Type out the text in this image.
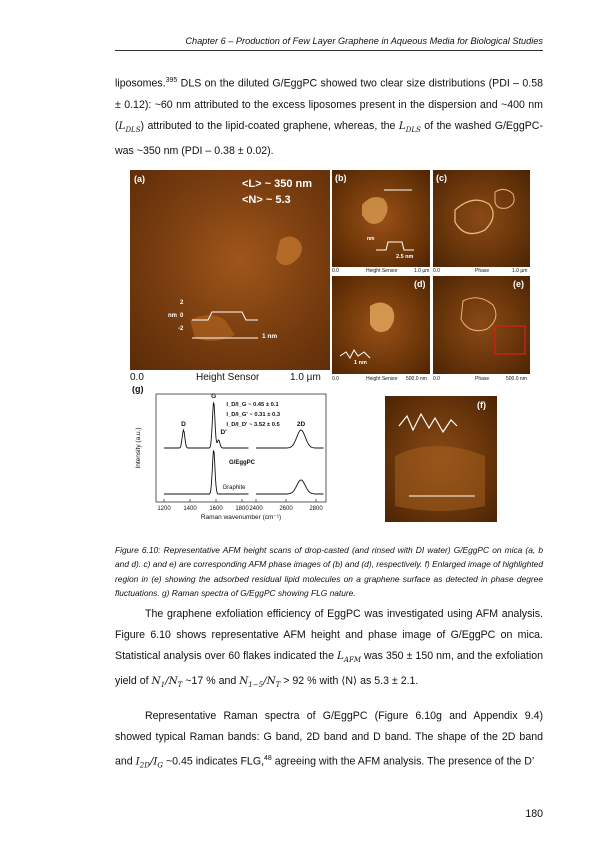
Chapter 6 – Production of Few Layer Graphene in Aqueous Media for Biological Studies

liposomes.$^{395}$ DLS on the diluted G/EggPC showed two clear size distributions (PDI – 0.58 ± 0.12): ~60 nm attributed to the excess liposomes present in the dispersion and ~400 nm $(L_{DLS})$ attributed to the lipid-coated graphene, whereas, the $L_{DLS}$ of the washed G/EggPC-was ~350 nm (PDI – 0.38 ± 0.02).

(a)	<L> ~ 350 nm
<N> ~ 5.3
2
0
-2
nm
1 nm
0.0	Height Sensor	1.0 µm
(b)
2.5 nm
nm
0.0	Height Sensor	1.0 µm
(c)
0.0	Phase	1.0 µm
(d)
1 nm
0.0	Height Sensor 500.0 nm
(e)
0.0	Phase	500.0 nm
(g)
1200 1400 1600 1800 2400	2600	2800
Raman wavenumber (cm⁻¹)
Intensity (a.u.)
D
G
D'
2D
G/EggPC
Graphite
I_D/I_G ~ 0.45 ± 0.1
I_D/I_G' ~ 0.31 ± 0.3
I_D/I_D' ~ 3.52 ± 0.5
(f)

Figure 6.10: Representative AFM height scans of drop-casted (and rinsed with DI water) G/EggPC on mica (a, b and d). c) and e) are corresponding AFM phase images of (b) and (d), respectively. f) Enlarged image of highlighted region in (e) showing the adsorbed residual lipid molecules on a graphene surface as detected in phase degree fluctuations. g) Raman spectra of G/EggPC showing FLG nature.

The graphene exfoliation efficiency of EggPC was investigated using AFM analysis. Figure 6.10 shows representative AFM height and phase image of G/EggPC on mica. Statistical analysis over 60 flakes indicated the $L_{AFM}$ was 350 ± 150 nm, and the exfoliation yield of $N_1/N_T$ ~17 % and $N_{1-5}/N_T > 92$ % with ⟨N⟩ as 5.3 ± 2.1.

Representative Raman spectra of G/EggPC (Figure 6.10g and Appendix 9.4) showed typical Raman bands: G band, 2D band and D band. The shape of the 2D band and $I_{2D}/I_G$ ~0.45 indicates FLG,$^{48}$ agreeing with the AFM analysis. The presence of the D’

180
